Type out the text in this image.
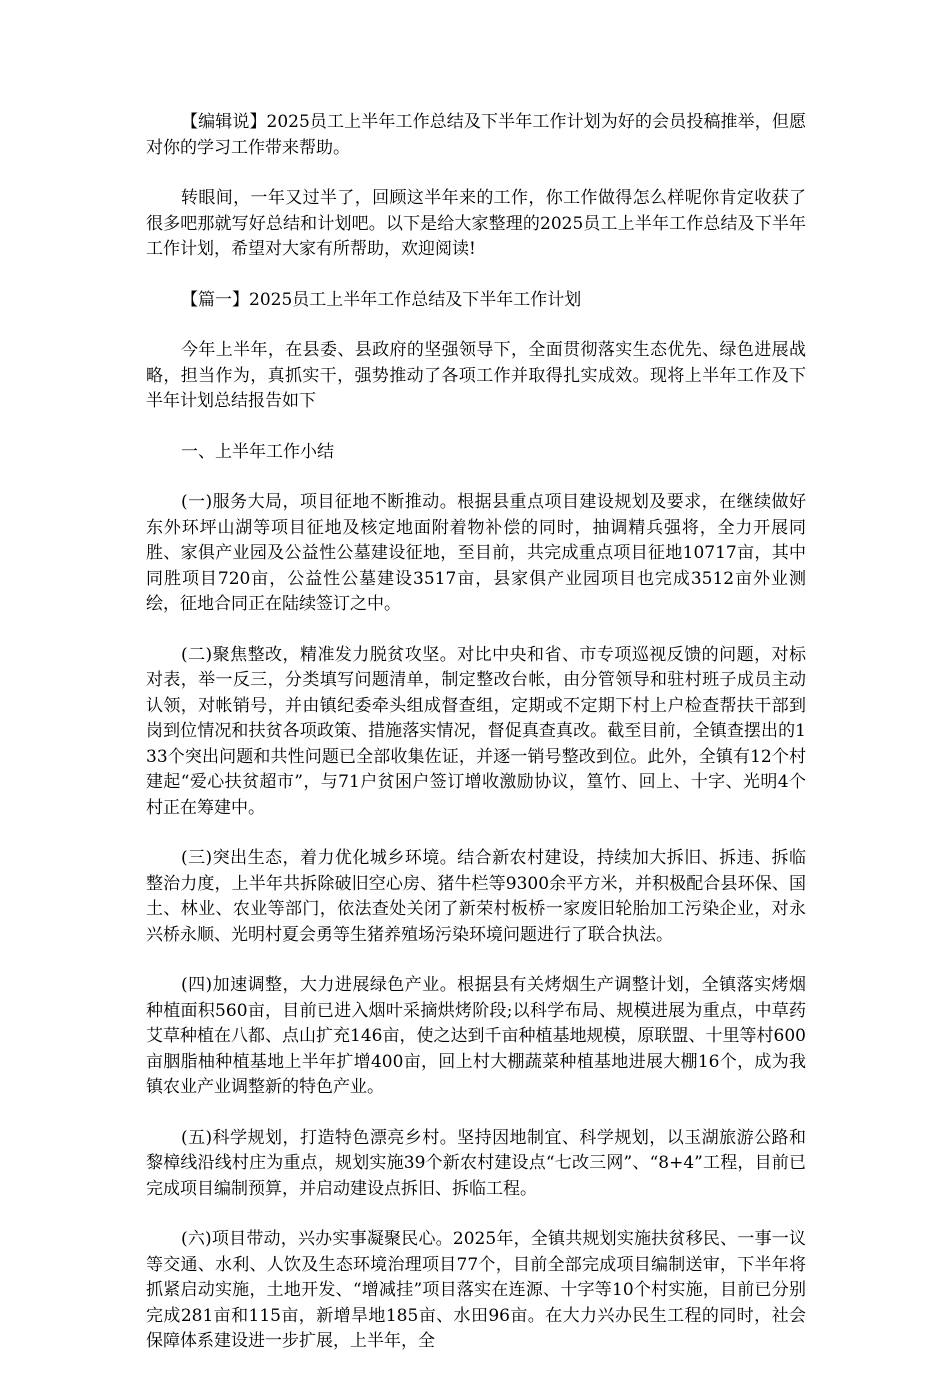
【编辑说】2025员工上半年工作总结及下半年工作计划为好的会员投稿推举，但愿对你的学习工作带来帮助。

转眼间，一年又过半了，回顾这半年来的工作，你工作做得怎么样呢你肯定收获了很多吧那就写好总结和计划吧。以下是给大家整理的2025员工上半年工作总结及下半年工作计划，希望对大家有所帮助，欢迎阅读!

【篇一】2025员工上半年工作总结及下半年工作计划

今年上半年，在县委、县政府的坚强领导下，全面贯彻落实生态优先、绿色进展战略，担当作为，真抓实干，强势推动了各项工作并取得扎实成效。现将上半年工作及下半年计划总结报告如下

一、上半年工作小结

(一)服务大局，项目征地不断推动。根据县重点项目建设规划及要求，在继续做好东外环坪山湖等项目征地及核定地面附着物补偿的同时，抽调精兵强将，全力开展同胜、家俱产业园及公益性公墓建设征地，至目前，共完成重点项目征地10717亩，其中同胜项目720亩，公益性公墓建设3517亩，县家俱产业园项目也完成3512亩外业测绘，征地合同正在陆续签订之中。

(二)聚焦整改，精准发力脱贫攻坚。对比中央和省、市专项巡视反馈的问题，对标对表，举一反三，分类填写问题清单，制定整改台帐，由分管领导和驻村班子成员主动认领，对帐销号，并由镇纪委牵头组成督查组，定期或不定期下村上户检查帮扶干部到岗到位情况和扶贫各项政策、措施落实情况，督促真查真改。截至目前，全镇查摆出的133个突出问题和共性问题已全部收集佐证，并逐一销号整改到位。此外，全镇有12个村建起“爱心扶贫超市”，与71户贫困户签订增收激励协议，篁竹、回上、十字、光明4个村正在筹建中。

(三)突出生态，着力优化城乡环境。结合新农村建设，持续加大拆旧、拆违、拆临整治力度，上半年共拆除破旧空心房、猪牛栏等9300余平方米，并积极配合县环保、国土、林业、农业等部门，依法查处关闭了新荣村板桥一家废旧轮胎加工污染企业，对永兴桥永顺、光明村夏会勇等生猪养殖场污染环境问题进行了联合执法。

(四)加速调整，大力进展绿色产业。根据县有关烤烟生产调整计划，全镇落实烤烟种植面积560亩，目前已进入烟叶采摘烘烤阶段;以科学布局、规模进展为重点，中草药艾草种植在八都、点山扩充146亩，使之达到千亩种植基地规模，原联盟、十里等村600亩胭脂柚种植基地上半年扩增400亩，回上村大棚蔬菜种植基地进展大棚16个，成为我镇农业产业调整新的特色产业。

(五)科学规划，打造特色漂亮乡村。坚持因地制宜、科学规划，以玉湖旅游公路和黎樟线沿线村庄为重点，规划实施39个新农村建设点“七改三网”、“8+4”工程，目前已完成项目编制预算，并启动建设点拆旧、拆临工程。

(六)项目带动，兴办实事凝聚民心。2025年，全镇共规划实施扶贫移民、一事一议等交通、水利、人饮及生态环境治理项目77个，目前全部完成项目编制送审，下半年将抓紧启动实施，土地开发、“增减挂”项目落实在连源、十字等10个村实施，目前已分别完成281亩和115亩，新增旱地185亩、水田96亩。在大力兴办民生工程的同时，社会保障体系建设进一步扩展，上半年，全
